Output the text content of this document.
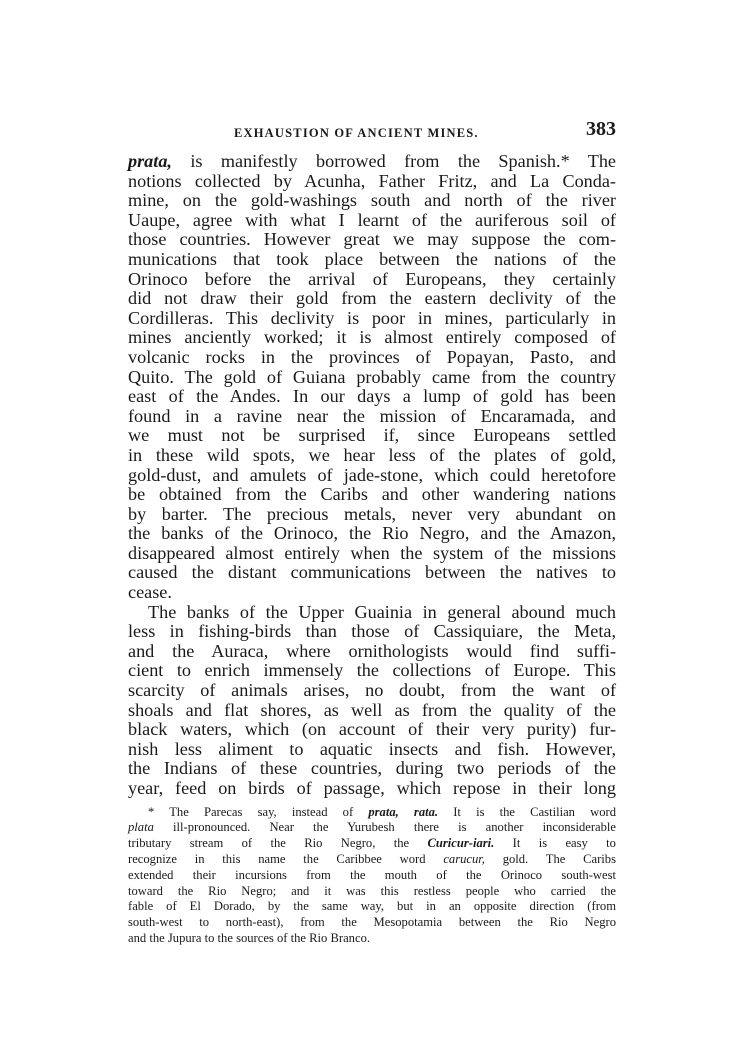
EXHAUSTION OF ANCIENT MINES.	383
prata, is manifestly borrowed from the Spanish.* The
notions collected by Acunha, Father Fritz, and La Conda-
mine, on the gold-washings south and north of the river
Uaupe, agree with what I learnt of the auriferous soil of
those countries. However great we may suppose the com-
munications that took place between the nations of the
Orinoco before the arrival of Europeans, they certainly
did not draw their gold from the eastern declivity of the
Cordilleras. This declivity is poor in mines, particularly in
mines anciently worked; it is almost entirely composed of
volcanic rocks in the provinces of Popayan, Pasto, and
Quito. The gold of Guiana probably came from the country
east of the Andes. In our days a lump of gold has been
found in a ravine near the mission of Encaramada, and
we must not be surprised if, since Europeans settled
in these wild spots, we hear less of the plates of gold,
gold-dust, and amulets of jade-stone, which could heretofore
be obtained from the Caribs and other wandering nations
by barter. The precious metals, never very abundant on
the banks of the Orinoco, the Rio Negro, and the Amazon,
disappeared almost entirely when the system of the missions
caused the distant communications between the natives to
cease.
The banks of the Upper Guainia in general abound much
less in fishing-birds than those of Cassiquiare, the Meta,
and the Auraca, where ornithologists would find suffi-
cient to enrich immensely the collections of Europe. This
scarcity of animals arises, no doubt, from the want of
shoals and flat shores, as well as from the quality of the
black waters, which (on account of their very purity) fur-
nish less aliment to aquatic insects and fish. However,
the Indians of these countries, during two periods of the
year, feed on birds of passage, which repose in their long
* The Parecas say, instead of prata, rata. It is the Castilian word
plata ill-pronounced. Near the Yurubesh there is another inconsiderable
tributary stream of the Rio Negro, the Curicur-iari. It is easy to
recognize in this name the Caribbee word carucur, gold. The Caribs
extended their incursions from the mouth of the Orinoco south-west
toward the Rio Negro; and it was this restless people who carried the
fable of El Dorado, by the same way, but in an opposite direction (from
south-west to north-east), from the Mesopotamia between the Rio Negro
and the Jupura to the sources of the Rio Branco.
